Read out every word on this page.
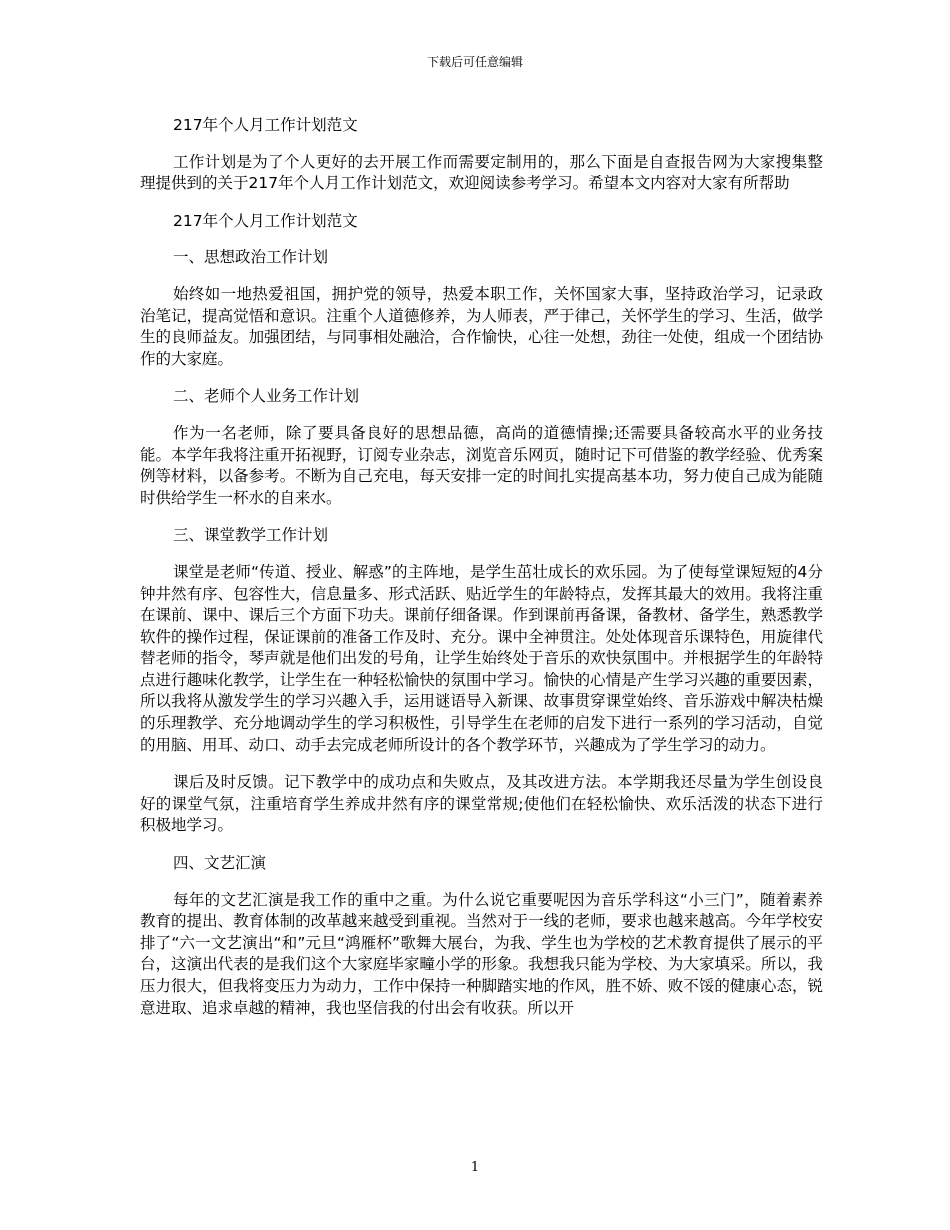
下载后可任意编辑

217年个人月工作计划范文

工作计划是为了个人更好的去开展工作而需要定制用的，那么下面是自查报告网为大家搜集整理提供到的关于217年个人月工作计划范文，欢迎阅读参考学习。希望本文内容对大家有所帮助

217年个人月工作计划范文

一、思想政治工作计划

始终如一地热爱祖国，拥护党的领导，热爱本职工作，关怀国家大事，坚持政治学习，记录政治笔记，提高觉悟和意识。注重个人道德修养，为人师表，严于律己，关怀学生的学习、生活，做学生的良师益友。加强团结，与同事相处融洽，合作愉快，心往一处想，劲往一处使，组成一个团结协作的大家庭。

二、老师个人业务工作计划

作为一名老师，除了要具备良好的思想品德，高尚的道德情操;还需要具备较高水平的业务技能。本学年我将注重开拓视野，订阅专业杂志，浏览音乐网页，随时记下可借鉴的教学经验、优秀案例等材料，以备参考。不断为自己充电，每天安排一定的时间扎实提高基本功，努力使自己成为能随时供给学生一杯水的自来水。

三、课堂教学工作计划

课堂是老师“传道、授业、解惑”的主阵地，是学生茁壮成长的欢乐园。为了使每堂课短短的4分钟井然有序、包容性大，信息量多、形式活跃、贴近学生的年龄特点，发挥其最大的效用。我将注重在课前、课中、课后三个方面下功夫。课前仔细备课。作到课前再备课，备教材、备学生，熟悉教学软件的操作过程，保证课前的准备工作及时、充分。课中全神贯注。处处体现音乐课特色，用旋律代替老师的指令，琴声就是他们出发的号角，让学生始终处于音乐的欢快氛围中。并根据学生的年龄特点进行趣味化教学，让学生在一种轻松愉快的氛围中学习。愉快的心情是产生学习兴趣的重要因素，所以我将从激发学生的学习兴趣入手，运用谜语导入新课、故事贯穿课堂始终、音乐游戏中解决枯燥的乐理教学、充分地调动学生的学习积极性，引导学生在老师的启发下进行一系列的学习活动，自觉的用脑、用耳、动口、动手去完成老师所设计的各个教学环节，兴趣成为了学生学习的动力。

课后及时反馈。记下教学中的成功点和失败点，及其改进方法。本学期我还尽量为学生创设良好的课堂气氛，注重培育学生养成井然有序的课堂常规;使他们在轻松愉快、欢乐活泼的状态下进行积极地学习。

四、文艺汇演

每年的文艺汇演是我工作的重中之重。为什么说它重要呢因为音乐学科这“小三门”，随着素养教育的提出、教育体制的改革越来越受到重视。当然对于一线的老师，要求也越来越高。今年学校安排了“六一文艺演出“和”元旦“鸿雁杯”歌舞大展台，为我、学生也为学校的艺术教育提供了展示的平台，这演出代表的是我们这个大家庭毕家疃小学的形象。我想我只能为学校、为大家填采。所以，我压力很大，但我将变压力为动力，工作中保持一种脚踏实地的作风，胜不娇、败不馁的健康心态，锐意进取、追求卓越的精神，我也坚信我的付出会有收获。所以开

1
